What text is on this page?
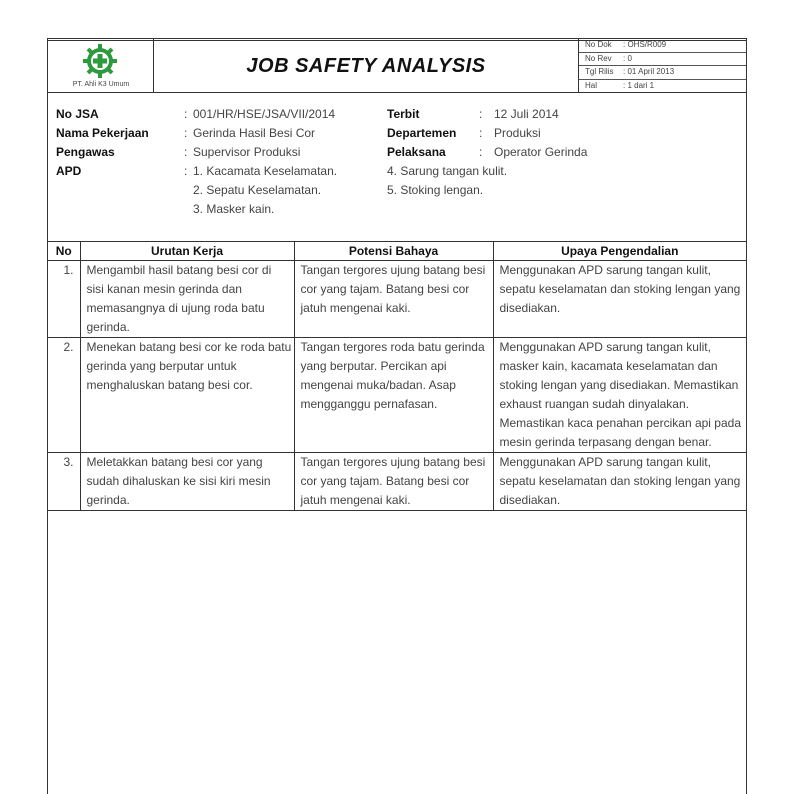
PT. Ahli K3 Umum
JOB SAFETY ANALYSIS
No Dok : OHS/R009
No Rev : 0
Tgl Rilis : 01 April 2013
Hal	: 1 dari 1
No JSA	: 001/HR/HSE/JSA/VII/2014	Terbit	: 12 Juli 2014
Nama Pekerjaan	: Gerinda Hasil Besi Cor	Departemen : Produksi
Pengawas	: Supervisor Produksi	Pelaksana	: Operator Gerinda
APD	: 1. Kacamata Keselamatan.	4. Sarung tangan kulit.
2. Sepatu Keselamatan.	5. Stoking lengan.
3. Masker kain.
No	Urutan Kerja	Potensi Bahaya	Upaya Pengendalian
1.	Mengambil hasil batang besi cor di sisi kanan mesin gerinda dan memasangnya di ujung roda batu gerinda.	Tangan tergores ujung batang besi cor yang tajam. Batang besi cor jatuh mengenai kaki.	Menggunakan APD sarung tangan kulit, sepatu keselamatan dan stoking lengan yang disediakan.
2.	Menekan batang besi cor ke roda batu gerinda yang berputar untuk menghaluskan batang besi cor.	Tangan tergores roda batu gerinda yang berputar. Percikan api mengenai muka/badan. Asap mengganggu pernafasan.	Menggunakan APD sarung tangan kulit, masker kain, kacamata keselamatan dan stoking lengan yang disediakan. Memastikan exhaust ruangan sudah dinyalakan. Memastikan kaca penahan percikan api pada mesin gerinda terpasang dengan benar.
3.	Meletakkan batang besi cor yang sudah dihaluskan ke sisi kiri mesin gerinda.	Tangan tergores ujung batang besi cor yang tajam. Batang besi cor jatuh mengenai kaki.	Menggunakan APD sarung tangan kulit, sepatu keselamatan dan stoking lengan yang disediakan.
